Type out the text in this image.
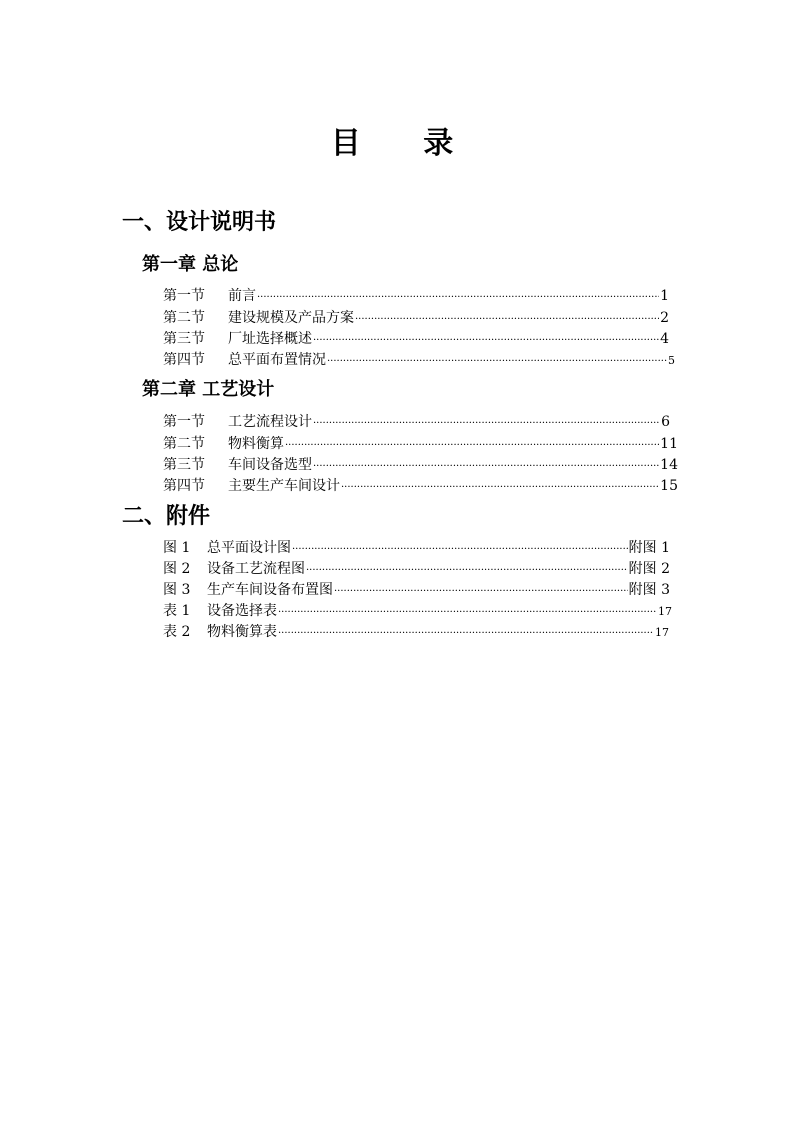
目 录
一、设计说明书
第一章 总论
第一节	前言 ·····	1
第二节	建设规模及产品方案 ·····	2
第三节	厂址选择概述 ·····	4
第四节	总平面布置情况 ·····	5
第二章 工艺设计
第一节	工艺流程设计 ·····	6
第二节	物料衡算 ·····	11
第三节	车间设备选型 ·····	14
第四节	主要生产车间设计 ·····	15
二、附件
图 1	总平面设计图 ·····	附图 1
图 2	设备工艺流程图 ·····	附图 2
图 3	生产车间设备布置图 ·····	附图 3
表 1	设备选择表 ·····	17
表 2	物料衡算表 ·····	17
